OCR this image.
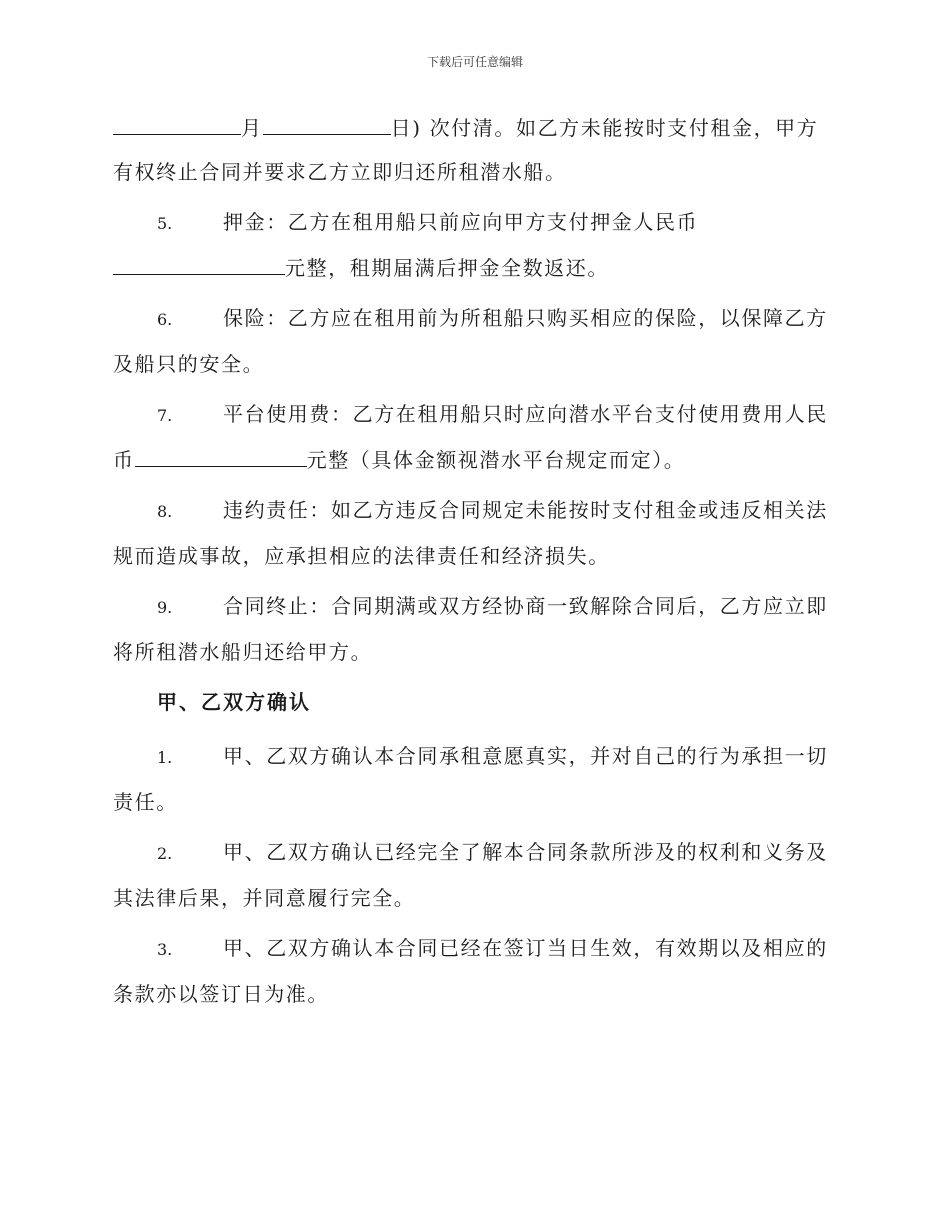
下载后可任意编辑
月	日) 次付清。如乙方未能按时支付租金，甲方
有权终止合同并要求乙方立即归还所租潜水船。
5.	押金：乙方在租用船只前应向甲方支付押金人民币
元整，租期届满后押金全数返还。
6.	保险：乙方应在租用前为所租船只购买相应的保险，以保障乙方
及船只的安全。
7.	平台使用费：乙方在租用船只时应向潜水平台支付使用费用人民
币	元整（具体金额视潜水平台规定而定）。
8.	违约责任：如乙方违反合同规定未能按时支付租金或违反相关法
规而造成事故，应承担相应的法律责任和经济损失。
9.	合同终止：合同期满或双方经协商一致解除合同后，乙方应立即
将所租潜水船归还给甲方。
甲、乙双方确认
1.	甲、乙双方确认本合同承租意愿真实，并对自己的行为承担一切
责任。
2.	甲、乙双方确认已经完全了解本合同条款所涉及的权利和义务及
其法律后果，并同意履行完全。
3.	甲、乙双方确认本合同已经在签订当日生效，有效期以及相应的
条款亦以签订日为准。
